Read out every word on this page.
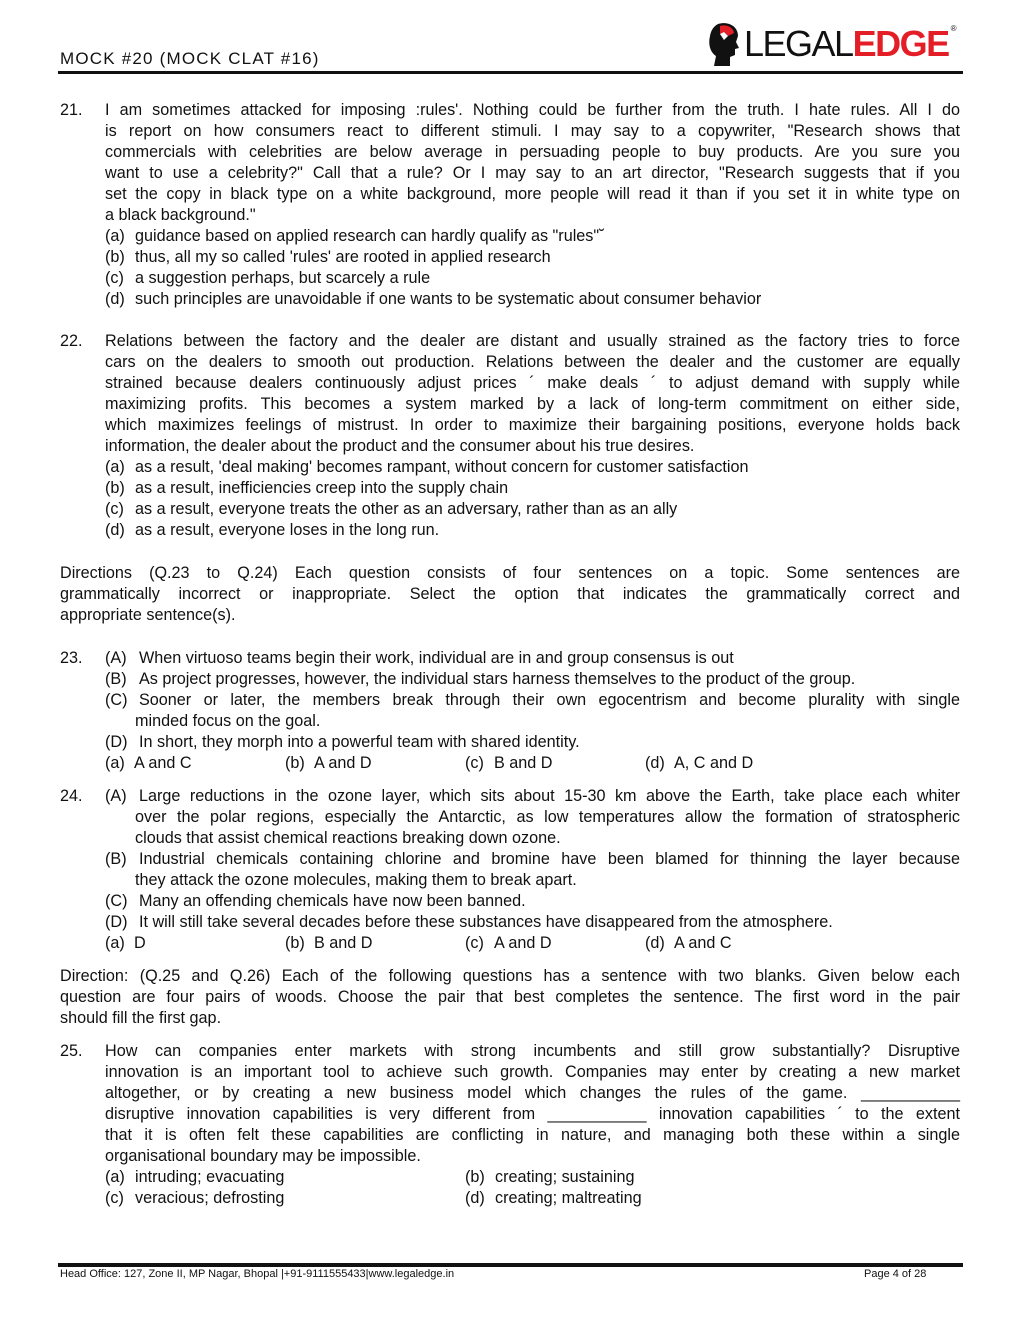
MOCK #20 (MOCK CLAT #16)	LEGAL EDGE ®
21. I am sometimes attacked for imposing :rules'. Nothing could be further from the truth. I hate rules. All I do
is report on how consumers react to different stimuli. I may say to a copywriter, "Research shows that
commercials with celebrities are below average in persuading people to buy products. Are you sure you
want to use a celebrity?" Call that a rule? Or I may say to an art director, "Research suggests that if you
set the copy in black type on a white background, more people will read it than if you set it in white type on
a black background."
(a) guidance based on applied research can hardly qualify as "rules"˘
(b) thus, all my so called 'rules' are rooted in applied research
(c) a suggestion perhaps, but scarcely a rule
(d) such principles are unavoidable if one wants to be systematic about consumer behavior
22. Relations between the factory and the dealer are distant and usually strained as the factory tries to force
cars on the dealers to smooth out production. Relations between the dealer and the customer are equally
strained because dealers continuously adjust prices ´ make deals ´ to adjust demand with supply while
maximizing profits. This becomes a system marked by a lack of long-term commitment on either side,
which maximizes feelings of mistrust. In order to maximize their bargaining positions, everyone holds back
information, the dealer about the product and the consumer about his true desires.
(a) as a result, 'deal making' becomes rampant, without concern for customer satisfaction
(b) as a result, inefficiencies creep into the supply chain
(c) as a result, everyone treats the other as an adversary, rather than as an ally
(d) as a result, everyone loses in the long run.
Directions (Q.23 to Q.24) Each question consists of four sentences on a topic. Some sentences are
grammatically incorrect or inappropriate. Select the option that indicates the grammatically correct and
appropriate sentence(s).
23. (A) When virtuoso teams begin their work, individual are in and group consensus is out
(B) As project progresses, however, the individual stars harness themselves to the product of the group.
(C) Sooner or later, the members break through their own egocentrism and become plurality with single
minded focus on the goal.
(D) In short, they morph into a powerful team with shared identity.
(a) A and C	(b) A and D	(c) B and D	(d) A, C and D
24. (A) Large reductions in the ozone layer, which sits about 15-30 km above the Earth, take place each whiter
over the polar regions, especially the Antarctic, as low temperatures allow the formation of stratospheric
clouds that assist chemical reactions breaking down ozone.
(B) Industrial chemicals containing chlorine and bromine have been blamed for thinning the layer because
they attack the ozone molecules, making them to break apart.
(C) Many an offending chemicals have now been banned.
(D) It will still take several decades before these substances have disappeared from the atmosphere.
(a) D	(b) B and D	(c) A and D	(d) A and C
Direction: (Q.25 and Q.26) Each of the following questions has a sentence with two blanks. Given below each
question are four pairs of woods. Choose the pair that best completes the sentence. The first word in the pair
should fill the first gap.
25. How can companies enter markets with strong incumbents and still grow substantially? Disruptive
innovation is an important tool to achieve such growth. Companies may enter by creating a new market
altogether, or by creating a new business model which changes the rules of the game. ___________
disruptive innovation capabilities is very different from ___________ innovation capabilities ´ to the extent
that it is often felt these capabilities are conflicting in nature, and managing both these within a single
organisational boundary may be impossible.
(a) intruding; evacuating	(b) creating; sustaining
(c) veracious; defrosting	(d) creating; maltreating
Head Office: 127, Zone II, MP Nagar, Bhopal |+91-9111555433|www.legaledge.in	Page 4 of 28
